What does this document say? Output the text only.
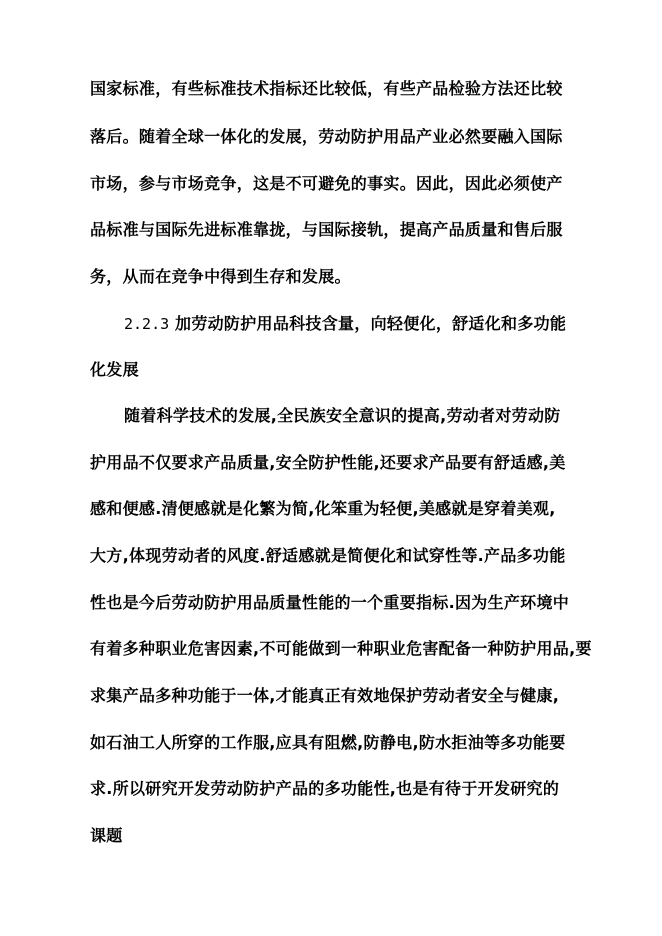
国家标准，有些标准技术指标还比较低，有些产品检验方法还比较
落后。随着全球一体化的发展，劳动防护用品产业必然要融入国际
市场，参与市场竞争，这是不可避免的事实。因此，因此必须使产
品标准与国际先进标准靠拢，与国际接轨，提高产品质量和售后服
务，从而在竞争中得到生存和发展。
2.2.3 加劳动防护用品科技含量，向轻便化，舒适化和多功能
化发展
随着科学技术的发展,全民族安全意识的提高,劳动者对劳动防
护用品不仅要求产品质量,安全防护性能,还要求产品要有舒适感,美
感和便感.清便感就是化繁为简,化笨重为轻便,美感就是穿着美观,
大方,体现劳动者的风度.舒适感就是简便化和试穿性等.产品多功能
性也是今后劳动防护用品质量性能的一个重要指标.因为生产环境中
有着多种职业危害因素,不可能做到一种职业危害配备一种防护用品,要
求集产品多种功能于一体,才能真正有效地保护劳动者安全与健康,
如石油工人所穿的工作服,应具有阻燃,防静电,防水拒油等多功能要
求.所以研究开发劳动防护产品的多功能性,也是有待于开发研究的
课题
